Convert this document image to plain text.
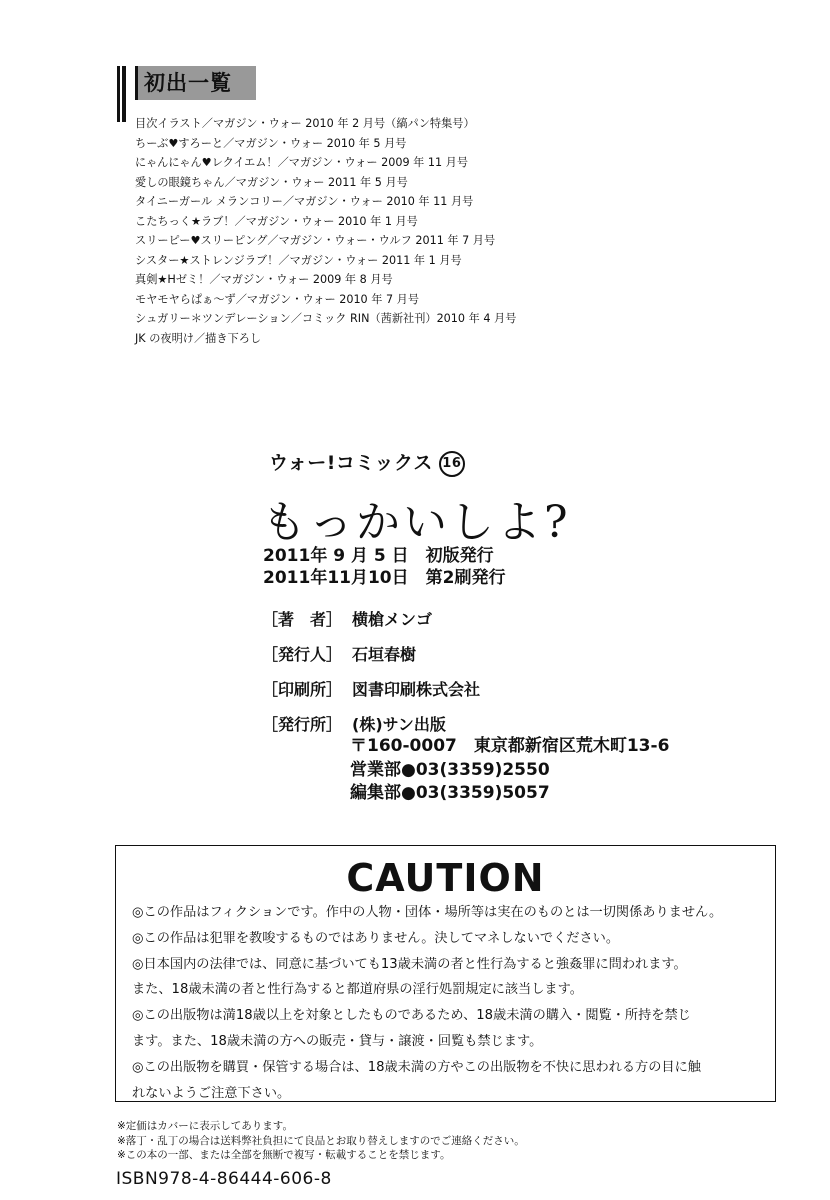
初出一覧
目次イラスト／マガジン・ウォー 2010 年 2 月号（縞パン特集号）
ちーぶ♥すろーと／マガジン・ウォー 2010 年 5 月号
にゃんにゃん♥レクイエム！／マガジン・ウォー 2009 年 11 月号
愛しの眼鏡ちゃん／マガジン・ウォー 2011 年 5 月号
タイニーガール メランコリー／マガジン・ウォー 2010 年 11 月号
こたちっく★ラブ！／マガジン・ウォー 2010 年 1 月号
スリーピー♥スリーピング／マガジン・ウォー・ウルフ 2011 年 7 月号
シスター★ストレンジラブ！／マガジン・ウォー 2011 年 1 月号
真剣★Hゼミ！／マガジン・ウォー 2009 年 8 月号
モヤモヤらぱぁ〜ず／マガジン・ウォー 2010 年 7 月号
シュガリー＊ツンデレーション／コミック RIN（茜新社刊）2010 年 4 月号
JK の夜明け／描き下ろし
ウォー!コミックス 16
もっかいしよ?
2011年 9 月 5 日　初版発行
2011年11月10日　第2刷発行
［著　者］ 横槍メンゴ
［発行人］ 石垣春樹
［印刷所］ 図書印刷株式会社
［発行所］ (株)サン出版
〒160-0007　東京都新宿区荒木町13-6
営業部●03(3359)2550
編集部●03(3359)5057
CAUTION
◎この作品はフィクションです。作中の人物・団体・場所等は実在のものとは一切関係ありません。
◎この作品は犯罪を教唆するものではありません。決してマネしないでください。
◎日本国内の法律では、同意に基づいても13歳未満の者と性行為すると強姦罪に問われます。
また、18歳未満の者と性行為すると都道府県の淫行処罰規定に該当します。
◎この出版物は満18歳以上を対象としたものであるため、18歳未満の購入・閲覧・所持を禁じ
ます。また、18歳未満の方への販売・貸与・譲渡・回覧も禁じます。
◎この出版物を購買・保管する場合は、18歳未満の方やこの出版物を不快に思われる方の目に触
れないようご注意下さい。
※定価はカバーに表示してあります。
※落丁・乱丁の場合は送料弊社負担にて良品とお取り替えしますのでご連絡ください。
※この本の一部、または全部を無断で複写・転載することを禁じます。
ISBN978-4-86444-606-8
